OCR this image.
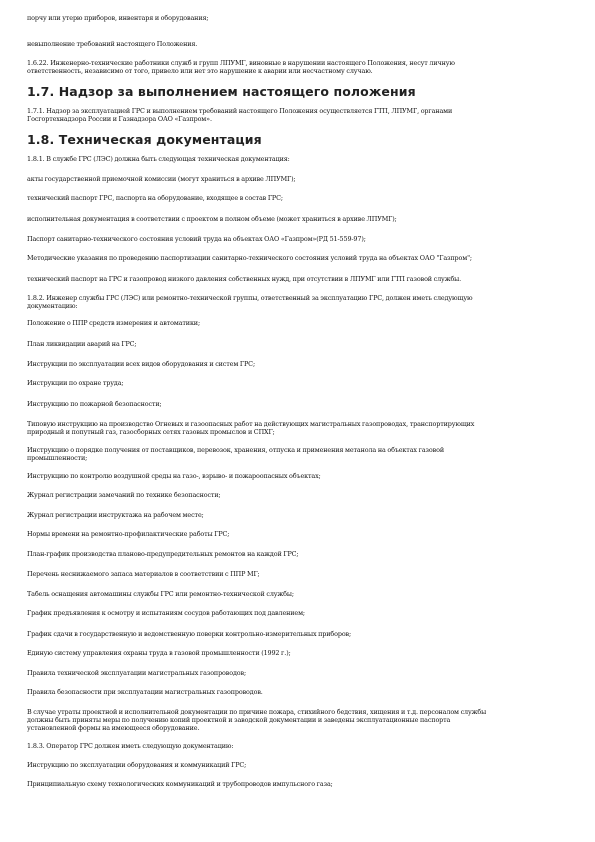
порчу или утерю приборов, инвентаря и оборудования;

невыполнение требований настоящего Положения.

1.6.22. Инженерно-технические работники служб и групп ЛПУМГ, виновные в нарушении настоящего Положения, несут личную
ответственность, независимо от того, привело или нет это нарушение к аварии или несчастному случаю.

1.7. Надзор за выполнением настоящего положения

1.7.1. Надзор за эксплуатацией ГРС и выполнением требований настоящего Положения осуществляется ГТП, ЛПУМГ, органами
Госгортехнадзора России и Газнадзора ОАО «Газпром».

1.8. Техническая документация

1.8.1. В службе ГРС (ЛЭС) должна быть следующая техническая документация:

акты государственной приемочной комиссии (могут храниться в архиве ЛПУМГ);

технический паспорт ГРС, паспорта на оборудование, входящее в состав ГРС;

исполнительная документация в соответствии с проектом в полном объеме (может храниться в архиве ЛПУМГ);

Паспорт санитарно-технического состояния условий труда на объектах ОАО «Газпром»(РД 51-559-97);

Методические указания по проведению паспортизации санитарно-технического состояния условий труда на объектах ОАО "Газпром";

технический паспорт на ГРС и газопровод низкого давления собственных нужд, при отсутствии в ЛПУМГ или ГТП газовой службы.

1.8.2. Инженер службы ГРС (ЛЭС) или ремонтно-технической группы, ответственный за эксплуатацию ГРС, должен иметь следующую
документацию:

Положение о ППР средств измерения и автоматики;

План ликвидации аварий на ГРС;

Инструкции по эксплуатации всех видов оборудования и систем ГРС;

Инструкции по охране труда;

Инструкцию по пожарной безопасности;

Типовую инструкцию на производство Огневых и газоопасных работ на действующих магистральных газопроводах, транспортирующих
природный и попутный газ, газосборных сетях газовых промыслов и СПХГ;

Инструкцию о порядке получения от поставщиков, перевозок, хранения, отпуска и применения метанола на объектах газовой
промышленности;

Инструкцию по контролю воздушной среды на газо-, взрыво- и пожароопасных объектах;

Журнал регистрации замечаний по технике безопасности;

Журнал регистрации инструктажа на рабочем месте;

Нормы времени на ремонтно-профилактические работы ГРС;

План-график производства планово-предупредительных ремонтов на каждой ГРС;

Перечень неснижаемого запаса материалов в соответствии с ППР МГ;

Табель оснащения автомашины службы ГРС или ремонтно-технической службы;

График предъявления к осмотру и испытаниям сосудов работающих под давлением;

График сдачи в государственную и ведомственную поверки контрольно-измерительных приборов;

Единую систему управления охраны труда в газовой промышленности (1992 г.);

Правила технической эксплуатации магистральных газопроводов;

Правила безопасности при эксплуатации магистральных газопроводов.

В случае утраты проектной и исполнительной документации по причине пожара, стихийного бедствия, хищения и т.д. персоналом службы
должны быть приняты меры по получению копий проектной и заводской документации и заведены эксплуатационные паспорта
установленной формы на имеющееся оборудование.

1.8.3. Оператор ГРС должен иметь следующую документацию:

Инструкцию по эксплуатации оборудования и коммуникаций ГРС;

Принципиальную схему технологических коммуникаций и трубопроводов импульсного газа;
